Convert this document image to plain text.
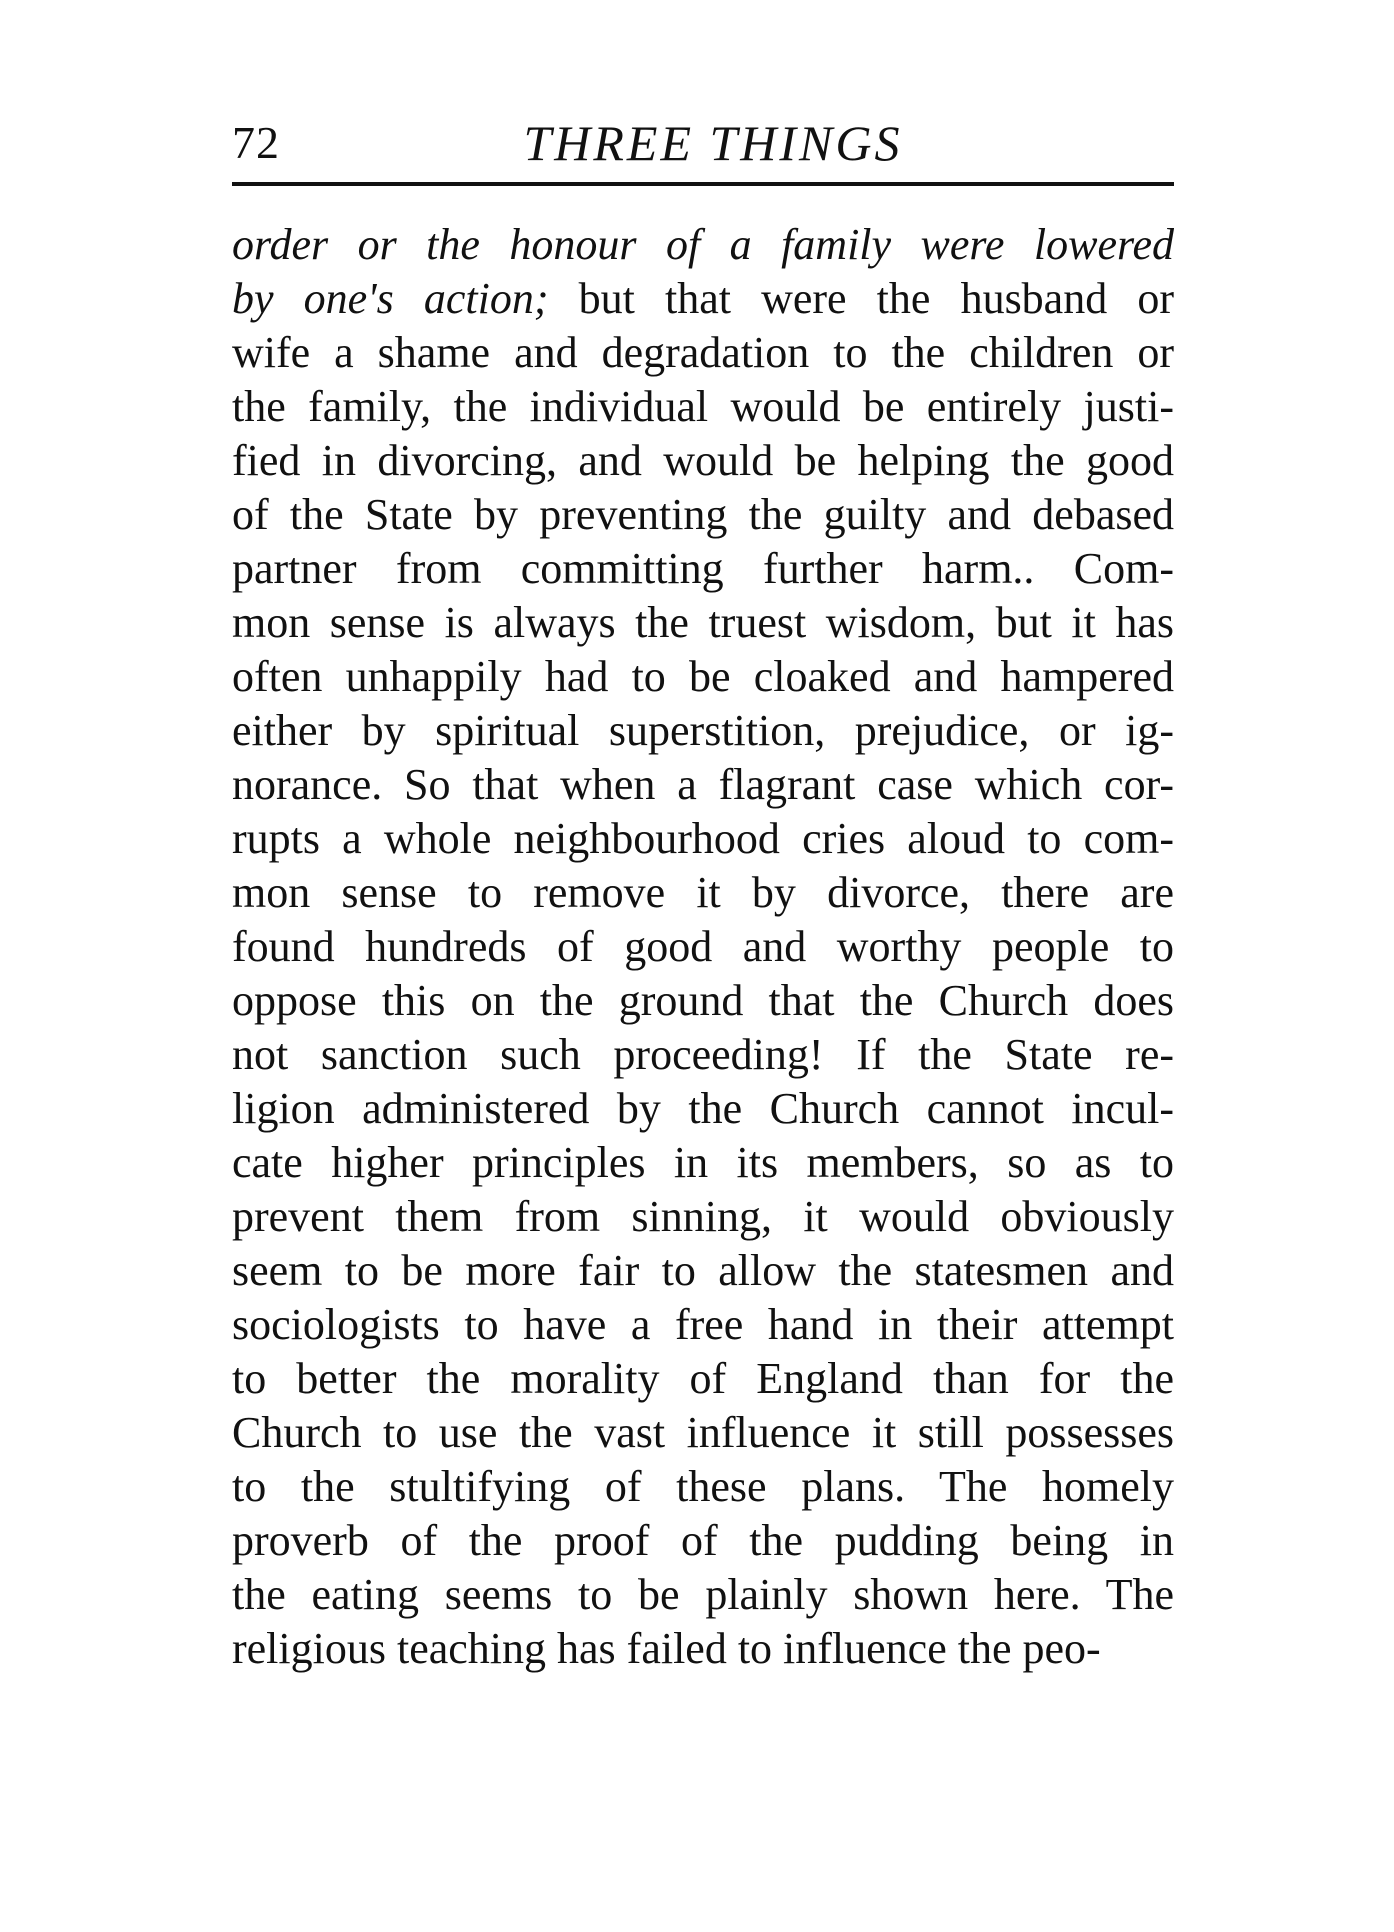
72	THREE THINGS
order or the honour of a family were lowered
by one's action; but that were the husband or
wife a shame and degradation to the children or
the family, the individual would be entirely justi-
fied in divorcing, and would be helping the good
of the State by preventing the guilty and debased
partner from committing further harm.. Com-
mon sense is always the truest wisdom, but it has
often unhappily had to be cloaked and hampered
either by spiritual superstition, prejudice, or ig-
norance. So that when a flagrant case which cor-
rupts a whole neighbourhood cries aloud to com-
mon sense to remove it by divorce, there are
found hundreds of good and worthy people to
oppose this on the ground that the Church does
not sanction such proceeding! If the State re-
ligion administered by the Church cannot incul-
cate higher principles in its members, so as to
prevent them from sinning, it would obviously
seem to be more fair to allow the statesmen and
sociologists to have a free hand in their attempt
to better the morality of England than for the
Church to use the vast influence it still possesses
to the stultifying of these plans. The homely
proverb of the proof of the pudding being in
the eating seems to be plainly shown here. The
religious teaching has failed to influence the peo-
